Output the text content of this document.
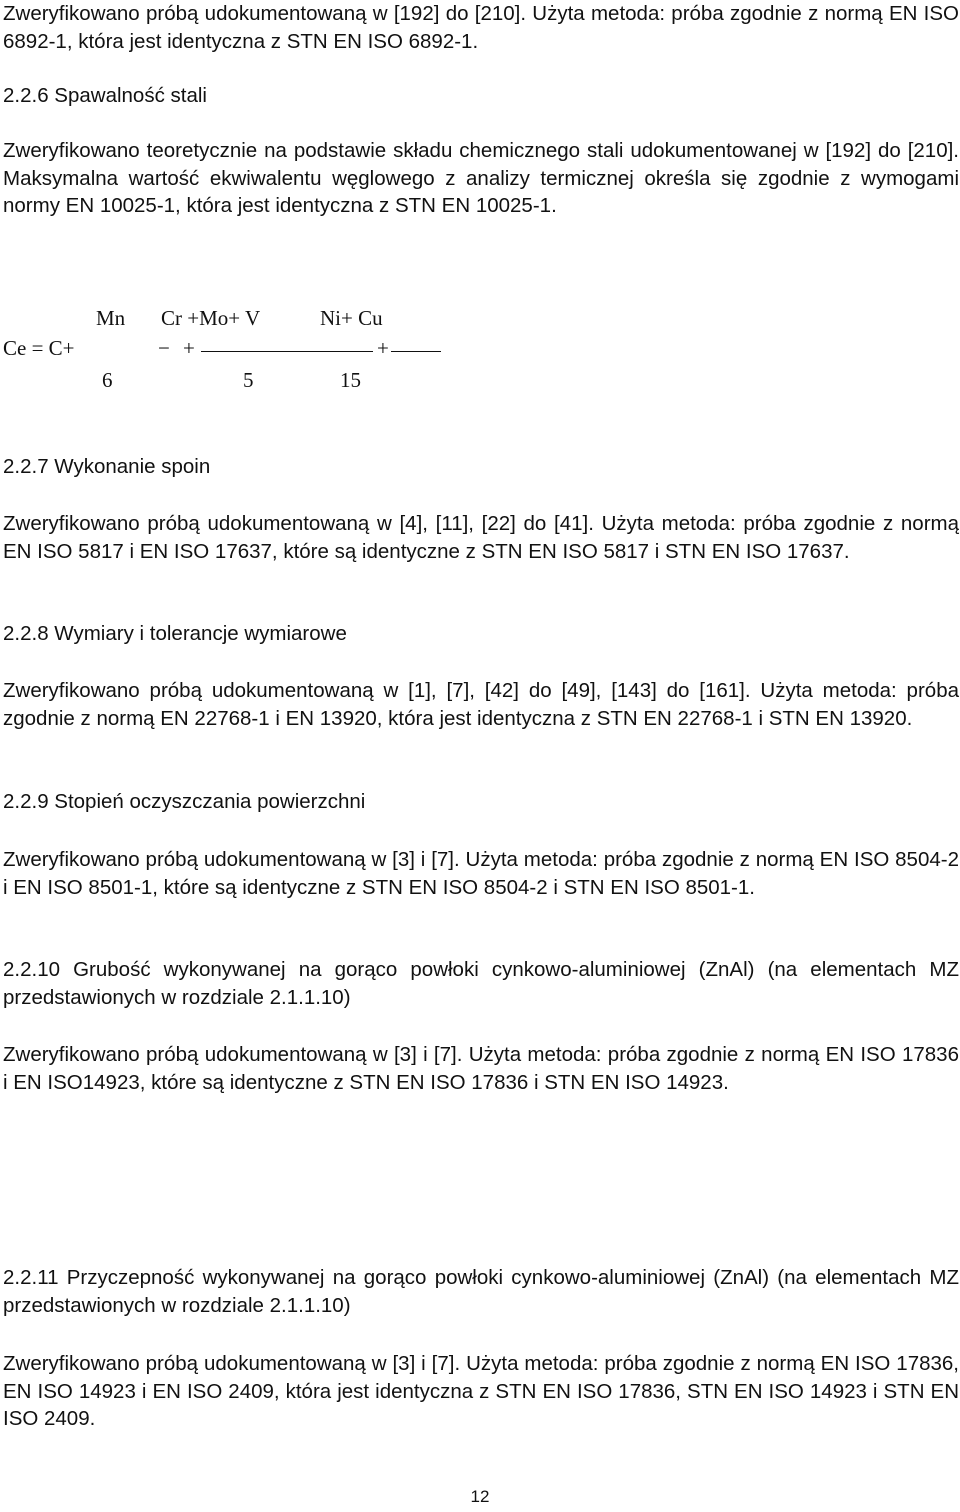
Zweryfikowano próbą udokumentowaną w [192] do [210]. Użyta metoda: próba zgodnie z normą EN ISO 6892-1, która jest identyczna z STN EN ISO 6892-1.

2.2.6 Spawalność stali

Zweryfikowano teoretycznie na podstawie składu chemicznego stali udokumentowanej w [192] do [210]. Maksymalna wartość ekwiwalentu węglowego z analizy termicznej określa się zgodnie z wymogami normy EN 10025-1, która jest identyczna z STN EN 10025-1.

Ce = C+
Mn Cr +Mo+ V	Ni+ Cu
− +	+
6	5	15

2.2.7 Wykonanie spoin

Zweryfikowano próbą udokumentowaną w [4], [11], [22] do [41]. Użyta metoda: próba zgodnie z normą EN ISO 5817 i EN ISO 17637, które są identyczne z STN EN ISO 5817 i STN EN ISO 17637.

2.2.8 Wymiary i tolerancje wymiarowe

Zweryfikowano próbą udokumentowaną w [1], [7], [42] do [49], [143] do [161]. Użyta metoda: próba zgodnie z normą EN 22768-1 i EN 13920, która jest identyczna z STN EN 22768-1 i STN EN 13920.

2.2.9 Stopień oczyszczania powierzchni

Zweryfikowano próbą udokumentowaną w [3] i [7]. Użyta metoda: próba zgodnie z normą EN ISO 8504-2 i EN ISO 8501-1, które są identyczne z STN EN ISO 8504-2 i STN EN ISO 8501-1.

2.2.10 Grubość wykonywanej na gorąco powłoki cynkowo-aluminiowej (ZnAl) (na elementach MZ przedstawionych w rozdziale 2.1.1.10)

Zweryfikowano próbą udokumentowaną w [3] i [7]. Użyta metoda: próba zgodnie z normą EN ISO 17836 i EN ISO14923, które są identyczne z STN EN ISO 17836 i STN EN ISO 14923.

2.2.11 Przyczepność wykonywanej na gorąco powłoki cynkowo-aluminiowej (ZnAl) (na elementach MZ przedstawionych w rozdziale 2.1.1.10)

Zweryfikowano próbą udokumentowaną w [3] i [7]. Użyta metoda: próba zgodnie z normą EN ISO 17836, EN ISO 14923 i EN ISO 2409, która jest identyczna z STN EN ISO 17836, STN EN ISO 14923 i STN EN ISO 2409.

12
